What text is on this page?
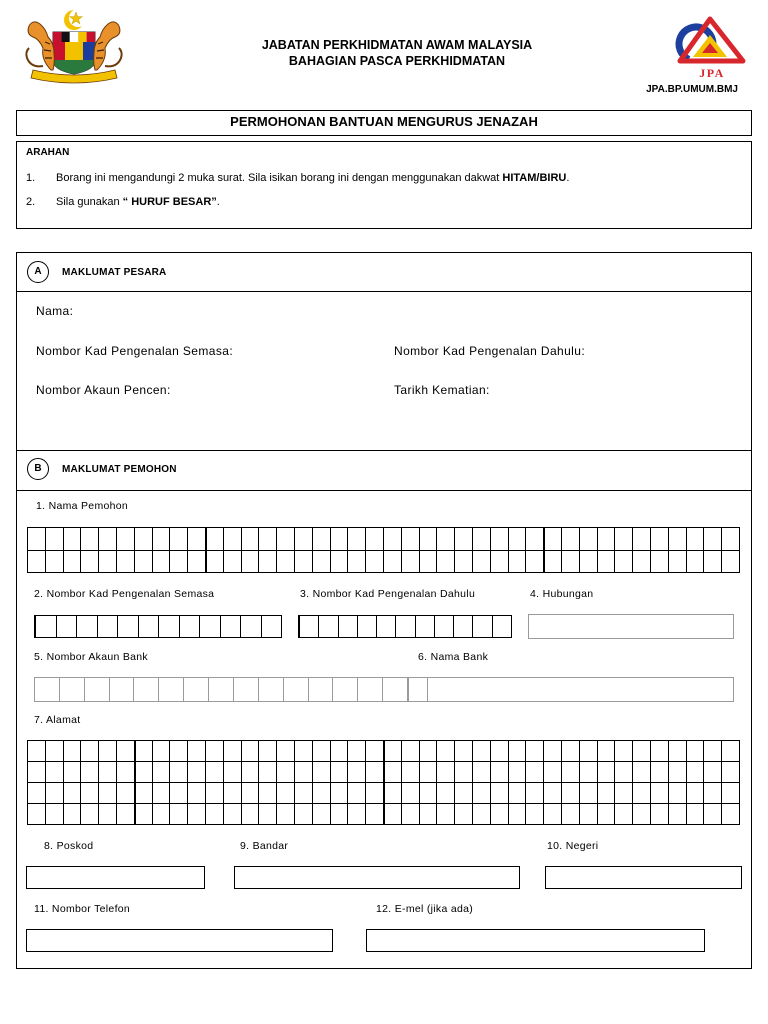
JABATAN PERKHIDMATAN AWAM MALAYSIA
BAHAGIAN PASCA PERKHIDMATAN
JPA
JPA.BP.UMUM.BMJ
PERMOHONAN BANTUAN MENGURUS JENAZAH
ARAHAN
1. Borang ini mengandungi 2 muka surat. Sila isikan borang ini dengan menggunakan dakwat HITAM/BIRU.
2. Sila gunakan “ HURUF BESAR”.
A	MAKLUMAT PESARA
Nama:
Nombor Kad Pengenalan Semasa:	Nombor Kad Pengenalan Dahulu:
Nombor Akaun Pencen:	Tarikh Kematian:
B	MAKLUMAT PEMOHON
1. Nama Pemohon
2. Nombor Kad Pengenalan Semasa	3. Nombor Kad Pengenalan Dahulu	4. Hubungan
5. Nombor Akaun Bank	6. Nama Bank
7. Alamat
8. Poskod	9. Bandar	10. Negeri
11. Nombor Telefon	12. E-mel (jika ada)
